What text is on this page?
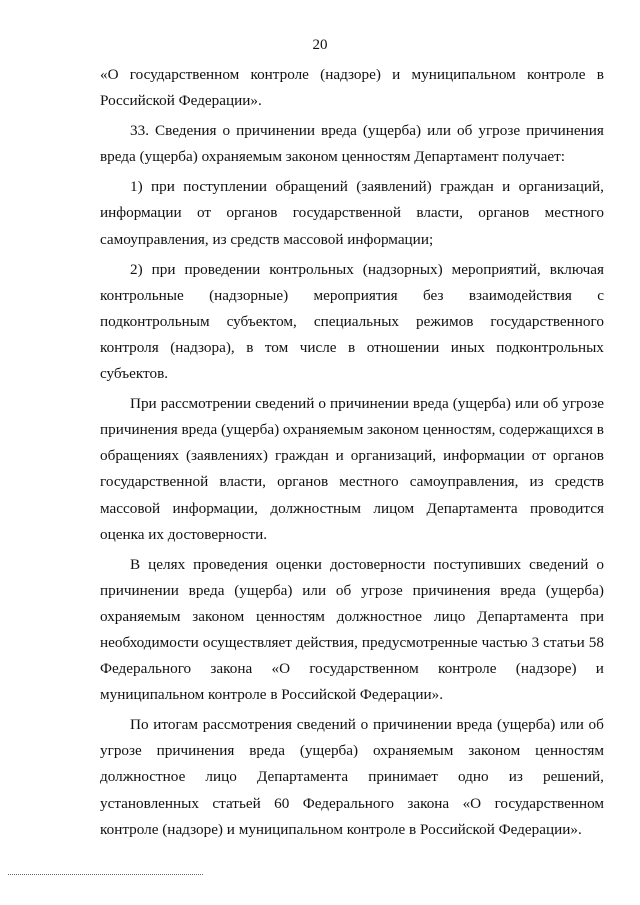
20
«О государственном контроле (надзоре) и муниципальном контроле в
Российской Федерации».
33. Сведения о причинении вреда (ущерба) или об угрозе причинения
вреда (ущерба) охраняемым законом ценностям Департамент получает:
1) при поступлении обращений (заявлений) граждан и организаций,
информации от органов государственной власти, органов местного
самоуправления, из средств массовой информации;
2) при проведении контрольных (надзорных) мероприятий, включая
контрольные (надзорные) мероприятия без взаимодействия с
подконтрольным субъектом, специальных режимов государственного
контроля (надзора), в том числе в отношении иных подконтрольных
субъектов.
При рассмотрении сведений о причинении вреда (ущерба) или об угрозе
причинения вреда (ущерба) охраняемым законом ценностям, содержащихся в
обращениях (заявлениях) граждан и организаций, информации от органов
государственной власти, органов местного самоуправления, из средств
массовой информации, должностным лицом Департамента проводится
оценка их достоверности.
В целях проведения оценки достоверности поступивших сведений о
причинении вреда (ущерба) или об угрозе причинения вреда (ущерба)
охраняемым законом ценностям должностное лицо Департамента при
необходимости осуществляет действия, предусмотренные частью 3 статьи 58
Федерального закона «О государственном контроле (надзоре) и
муниципальном контроле в Российской Федерации».
По итогам рассмотрения сведений о причинении вреда (ущерба) или об
угрозе причинения вреда (ущерба) охраняемым законом ценностям
должностное лицо Департамента принимает одно из решений,
установленных статьей 60 Федерального закона «О государственном
контроле (надзоре) и муниципальном контроле в Российской Федерации».
